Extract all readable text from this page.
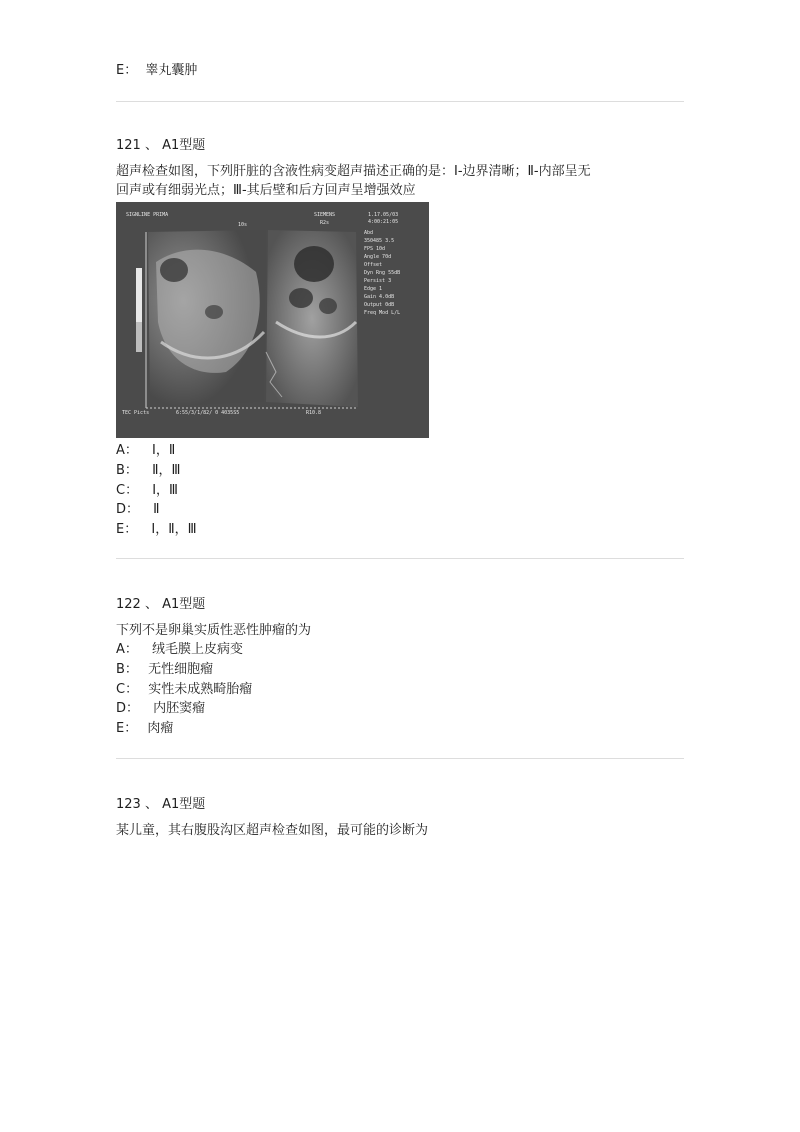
E： 睾丸囊肿
121 、 A1型题
超声检查如图，下列肝脏的含液性病变超声描述正确的是：Ⅰ-边界清晰；Ⅱ-内部呈无
回声或有细弱光点；Ⅲ-其后壁和后方回声呈增强效应
SIGNLINE PRIMA
10s
SIEMENS
R2s
1.17.05/03
4:00:21:05
Abd
350485 3.5
FPS 10d
Angle 70d
Offset
Dyn Rng 55dB
Persist 3
Edge 1
Gain 4.0dB
Output 0dB
Freq Mod L/L
TEC Picts	6:55/3/1/82/ 0 4035S5	R10.8
A： Ⅰ，Ⅱ
B： Ⅱ，Ⅲ
C： Ⅰ，Ⅲ
D： Ⅱ
E： Ⅰ，Ⅱ，Ⅲ
122 、 A1型题
下列不是卵巢实质性恶性肿瘤的为
A： 绒毛膜上皮病变
B： 无性细胞瘤
C： 实性未成熟畸胎瘤
D： 内胚窦瘤
E： 肉瘤
123 、 A1型题
某儿童，其右腹股沟区超声检查如图，最可能的诊断为
